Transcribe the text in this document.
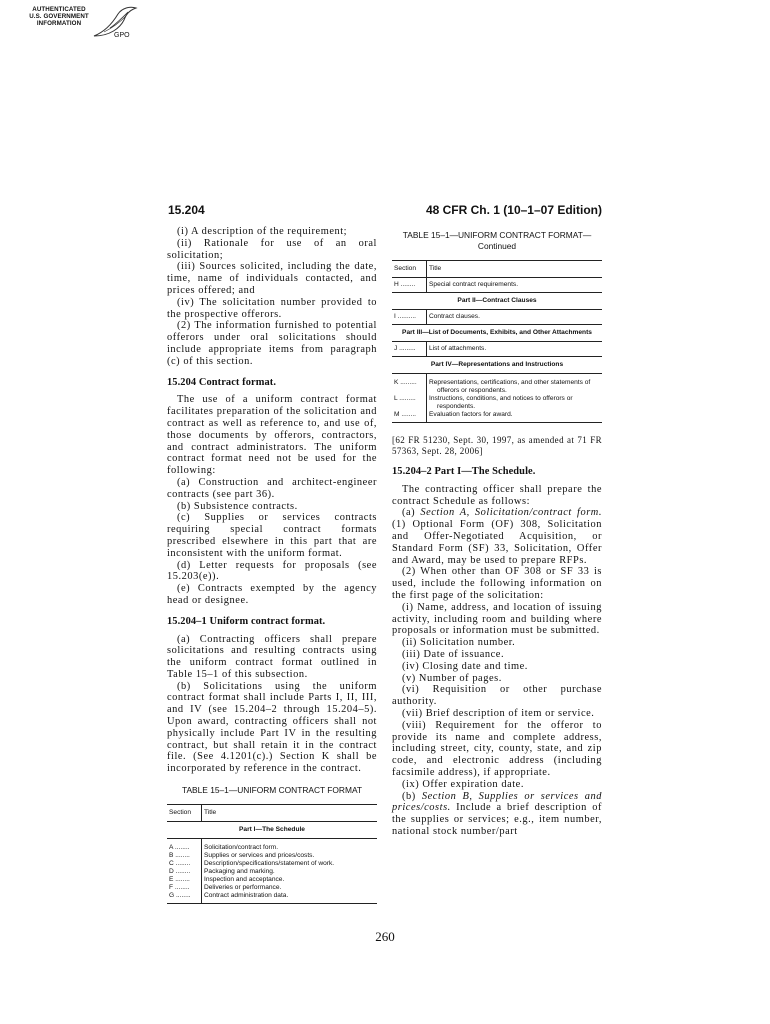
AUTHENTICATED
U.S. GOVERNMENT
INFORMATION
GPO
15.204	48 CFR Ch. 1 (10–1–07 Edition)

(i) A description of the requirement;

(ii) Rationale for use of an oral solicitation;

(iii) Sources solicited, including the date, time, name of individuals contacted, and prices offered; and

(iv) The solicitation number provided to the prospective offerors.

(2) The information furnished to potential offerors under oral solicitations should include appropriate items from paragraph (c) of this section.

15.204 Contract format.

The use of a uniform contract format facilitates preparation of the solicitation and contract as well as reference to, and use of, those documents by offerors, contractors, and contract administrators. The uniform contract format need not be used for the following:

(a) Construction and architect-engineer contracts (see part 36).

(b) Subsistence contracts.

(c) Supplies or services contracts requiring special contract formats prescribed elsewhere in this part that are inconsistent with the uniform format.

(d) Letter requests for proposals (see 15.203(e)).

(e) Contracts exempted by the agency head or designee.

15.204–1 Uniform contract format.

(a) Contracting officers shall prepare solicitations and resulting contracts using the uniform contract format outlined in Table 15–1 of this subsection.

(b) Solicitations using the uniform contract format shall include Parts I, II, III, and IV (see 15.204–2 through 15.204–5). Upon award, contracting officers shall not physically include Part IV in the resulting contract, but shall retain it in the contract file. (See 4.1201(c).) Section K shall be incorporated by reference in the contract.

TABLE 15–1—UNIFORM CONTRACT FORMAT

Section	Title
Part I—The Schedule	
A ........	Solicitation/contract form.
B ........	Supplies or services and prices/costs.
C ........	Description/specifications/statement of work.
D ........	Packaging and marking.
E ........	Inspection and acceptance.
F ........	Deliveries or performance.
G ........	Contract administration data.

TABLE 15–1—UNIFORM CONTRACT FORMAT—Continued

Section	Title
H ........	Special contract requirements.
Part II—Contract Clauses	
I ..........	Contract clauses.
Part III—List of Documents, Exhibits, and Other Attachments	
J .........	List of attachments.
Part IV—Representations and Instructions	
K .........	Representations, certifications, and other statements of offerors or respondents.
L .........	Instructions, conditions, and notices to offerors or respondents.
M ........	Evaluation factors for award.

[62 FR 51230, Sept. 30, 1997, as amended at 71 FR 57363, Sept. 28, 2006]

15.204–2 Part I—The Schedule.

The contracting officer shall prepare the contract Schedule as follows:

(a) Section A, Solicitation/contract form. (1) Optional Form (OF) 308, Solicitation and Offer-Negotiated Acquisition, or Standard Form (SF) 33, Solicitation, Offer and Award, may be used to prepare RFPs.

(2) When other than OF 308 or SF 33 is used, include the following information on the first page of the solicitation:

(i) Name, address, and location of issuing activity, including room and building where proposals or information must be submitted.

(ii) Solicitation number.

(iii) Date of issuance.

(iv) Closing date and time.

(v) Number of pages.

(vi) Requisition or other purchase authority.

(vii) Brief description of item or service.

(viii) Requirement for the offeror to provide its name and complete address, including street, city, county, state, and zip code, and electronic address (including facsimile address), if appropriate.

(ix) Offer expiration date.

(b) Section B, Supplies or services and prices/costs. Include a brief description of the supplies or services; e.g., item number, national stock number/part

260
